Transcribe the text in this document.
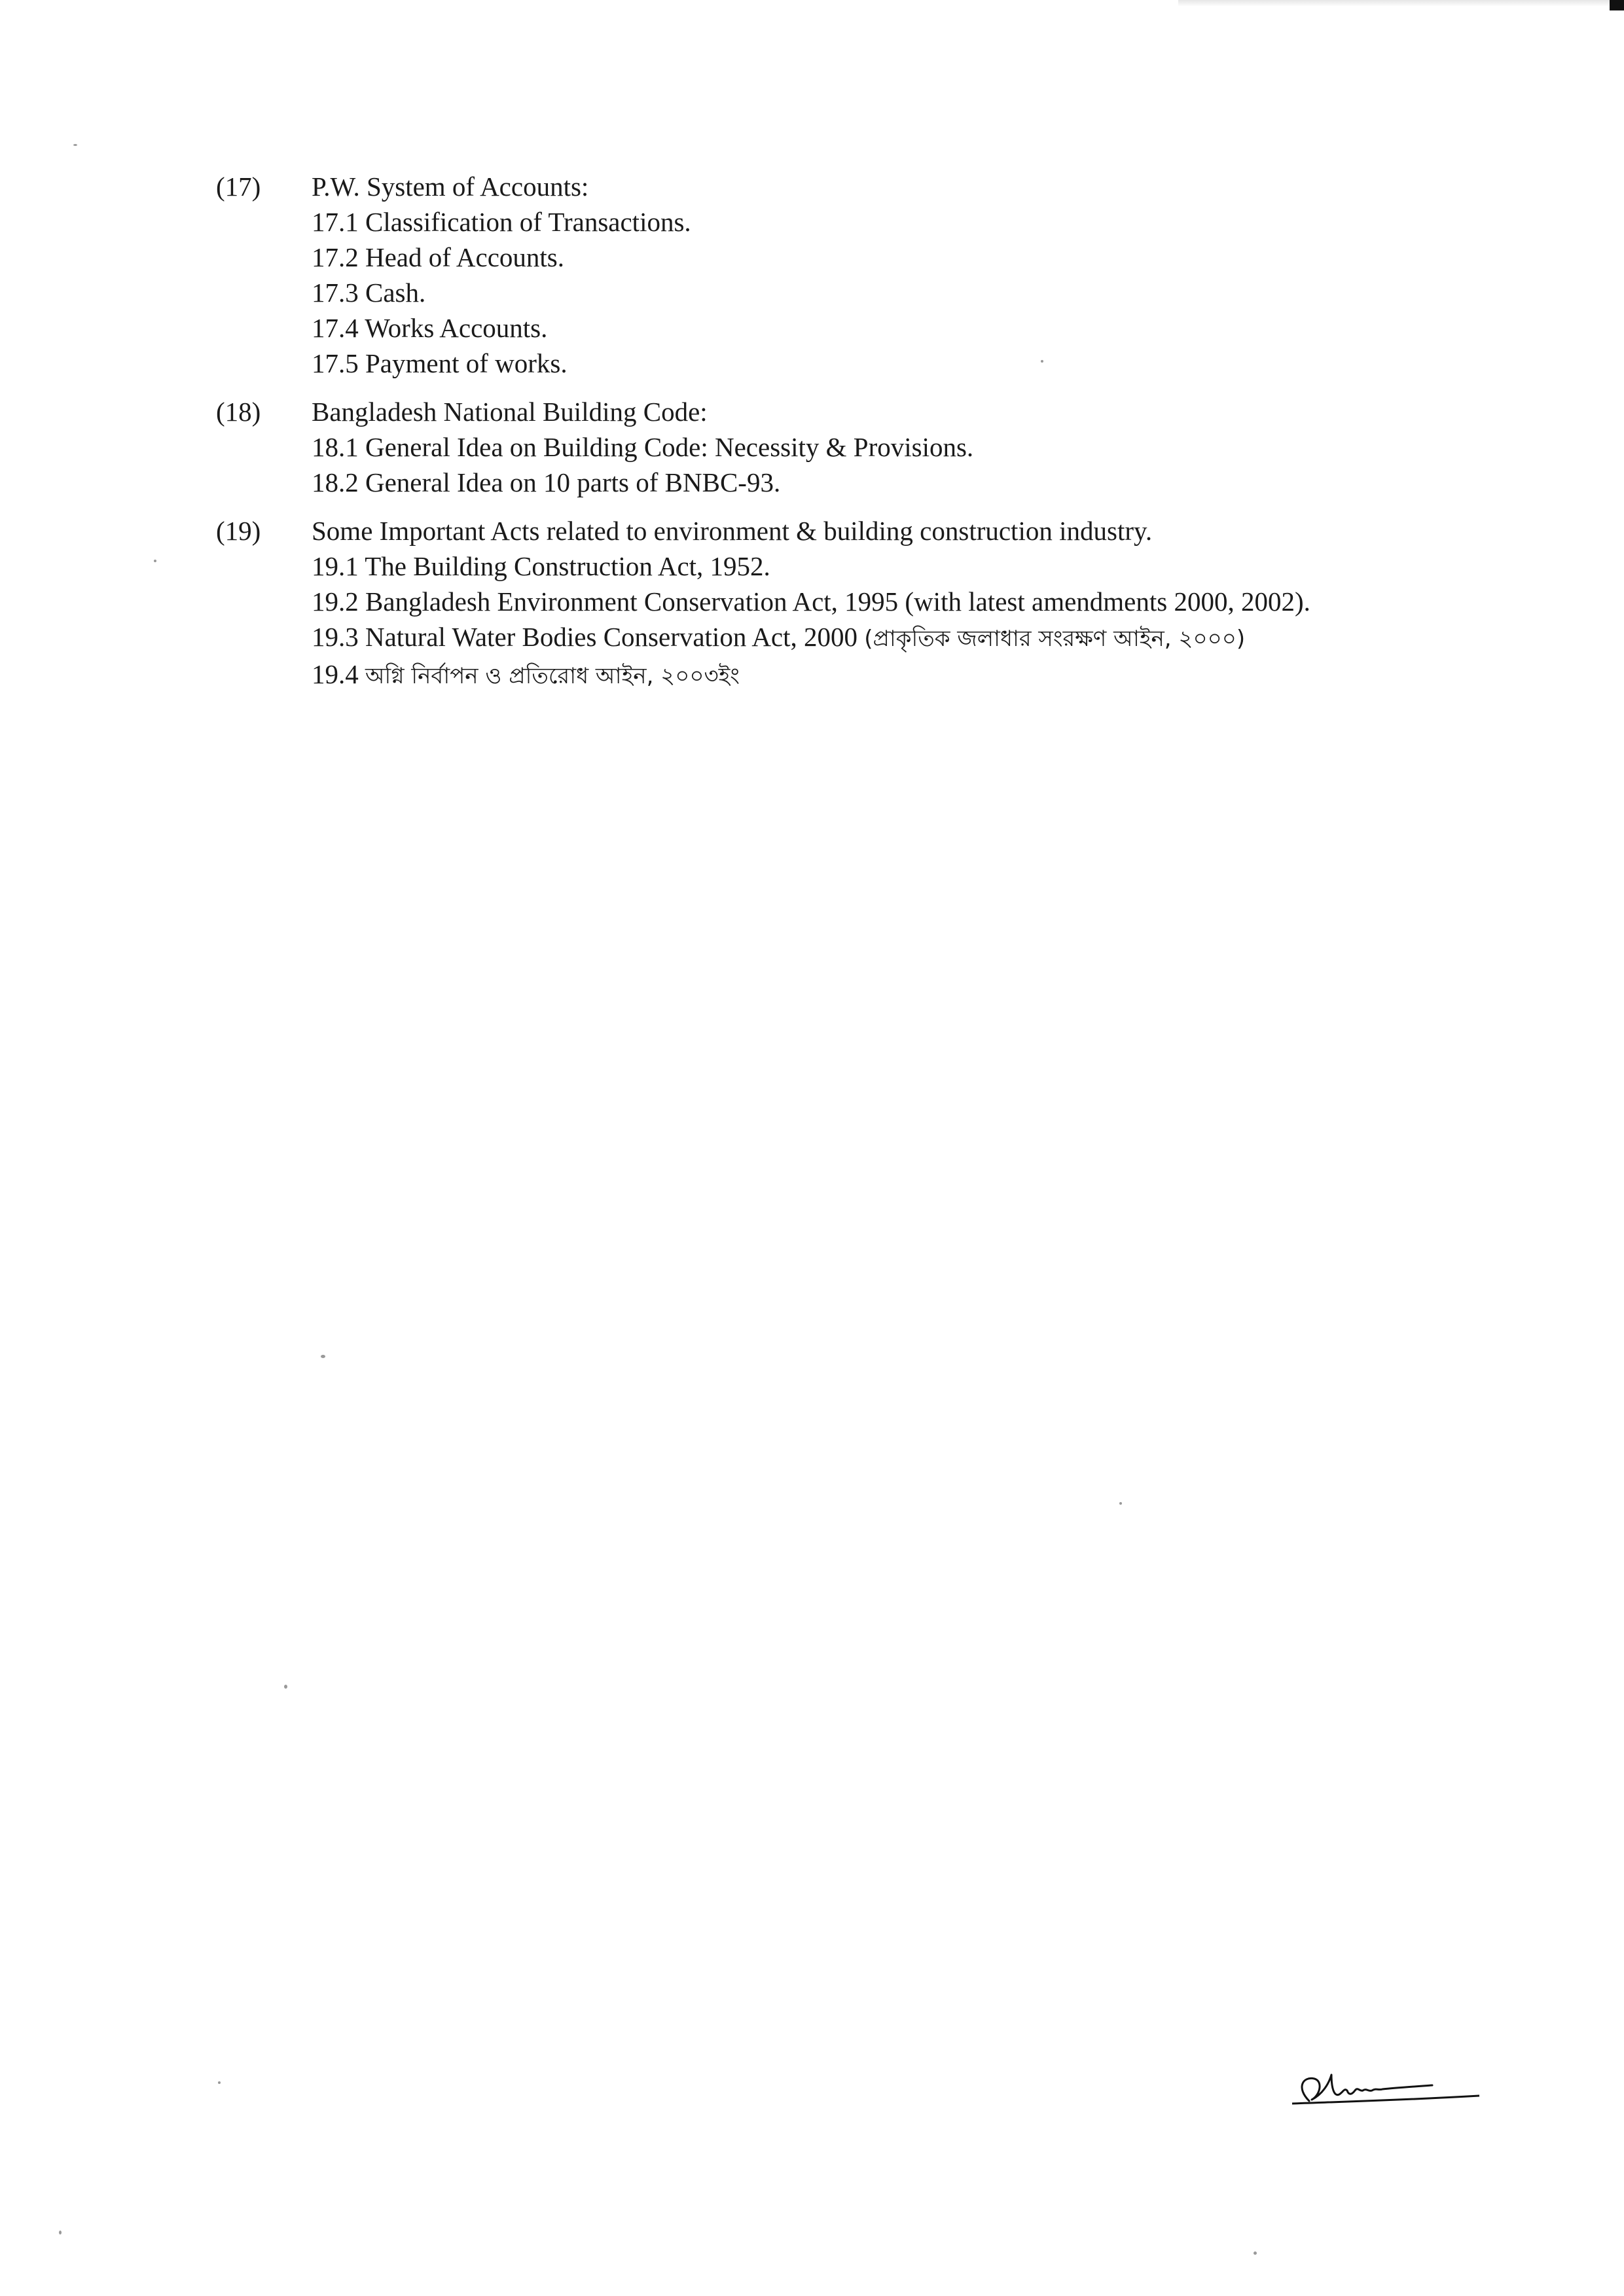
(17) P.W. System of Accounts:
17.1 Classification of Transactions.
17.2 Head of Accounts.
17.3 Cash.
17.4 Works Accounts.
17.5 Payment of works.
(18) Bangladesh National Building Code:
18.1 General Idea on Building Code: Necessity & Provisions.
18.2 General Idea on 10 parts of BNBC-93.
(19) Some Important Acts related to environment & building construction industry.
19.1 The Building Construction Act, 1952.
19.2 Bangladesh Environment Conservation Act, 1995 (with latest amendments 2000, 2002).
19.3 Natural Water Bodies Conservation Act, 2000 (প্রাকৃতিক জলাধার সংরক্ষণ আইন, ২০০০)
19.4 অগ্নি নির্বাপন ও প্রতিরোধ আইন, ২০০৩ইং
